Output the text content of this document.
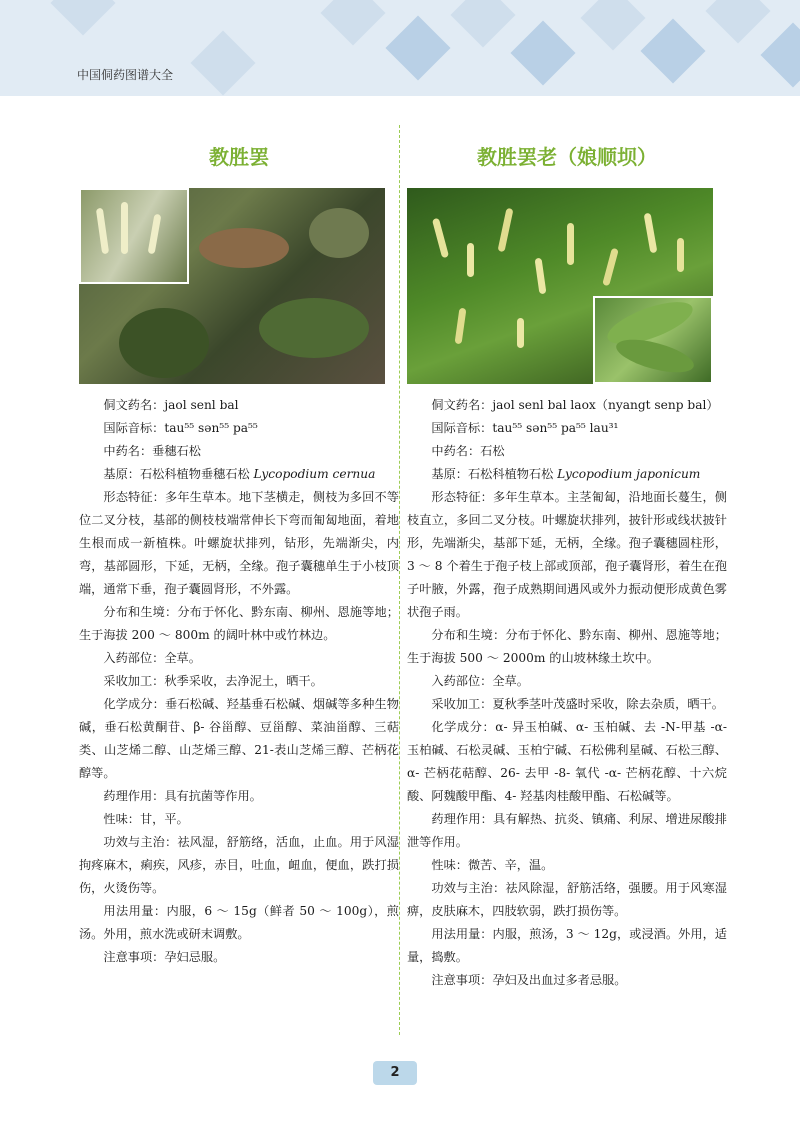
中国侗药图谱大全
教胜罢

侗文药名：jaol senl bal

国际音标：tau⁵⁵ sən⁵⁵ pa⁵⁵

中药名：垂穗石松

基原：石松科植物垂穗石松 Lycopodium cernua

形态特征：多年生草本。地下茎横走，侧枝为多回不等位二叉分枝，基部的侧枝枝端常伸长下弯而匍匐地面，着地生根而成一新植株。叶螺旋状排列，钻形，先端渐尖，内弯，基部圆形，下延，无柄，全缘。孢子囊穗单生于小枝顶端，通常下垂，孢子囊圆肾形，不外露。

分布和生境：分布于怀化、黔东南、柳州、恩施等地；生于海拔 200 ～ 800m 的阔叶林中或竹林边。

入药部位：全草。

采收加工：秋季采收，去净泥土，晒干。

化学成分：垂石松碱、羟基垂石松碱、烟碱等多种生物碱，垂石松黄酮苷、β- 谷甾醇、豆甾醇、菜油甾醇、三萜类、山芝烯二醇、山芝烯三醇、21-表山芝烯三醇、芒柄花醇等。

药理作用：具有抗菌等作用。

性味：甘，平。

功效与主治：祛风湿，舒筋络，活血，止血。用于风湿拘疼麻木，痢疾，风疹，赤目，吐血，衄血，便血，跌打损伤，火烫伤等。

用法用量：内服，6 ～ 15g（鲜者 50 ～ 100g），煎汤。外用，煎水洗或研末调敷。

注意事项：孕妇忌服。

教胜罢老（娘顺坝）

侗文药名：jaol senl bal laox（nyangt senp bal）

国际音标：tau⁵⁵ sən⁵⁵ pa⁵⁵ lau³¹

中药名：石松

基原：石松科植物石松 Lycopodium japonicum

形态特征：多年生草本。主茎匍匐，沿地面长蔓生，侧枝直立，多回二叉分枝。叶螺旋状排列，披针形或线状披针形，先端渐尖，基部下延，无柄，全缘。孢子囊穗圆柱形，3 ～ 8 个着生于孢子枝上部或顶部，孢子囊肾形，着生在孢子叶腋，外露，孢子成熟期间遇风或外力振动便形成黄色雾状孢子雨。

分布和生境：分布于怀化、黔东南、柳州、恩施等地；生于海拔 500 ～ 2000m 的山坡林缘土坎中。

入药部位：全草。

采收加工：夏秋季茎叶茂盛时采收，除去杂质，晒干。

化学成分：α- 异玉柏碱、α- 玉柏碱、去 -N-甲基 -α- 玉柏碱、石松灵碱、玉柏宁碱、石松佛利星碱、石松三醇、α- 芒柄花萜醇、26- 去甲 -8- 氧代 -α- 芒柄花醇、十六烷酸、阿魏酸甲酯、4- 羟基肉桂酸甲酯、石松碱等。

药理作用：具有解热、抗炎、镇痛、利尿、增进尿酸排泄等作用。

性味：微苦、辛，温。

功效与主治：祛风除湿，舒筋活络，强腰。用于风寒湿痹，皮肤麻木，四肢软弱，跌打损伤等。

用法用量：内服，煎汤，3 ～ 12g，或浸酒。外用，适量，捣敷。

注意事项：孕妇及出血过多者忌服。

2
